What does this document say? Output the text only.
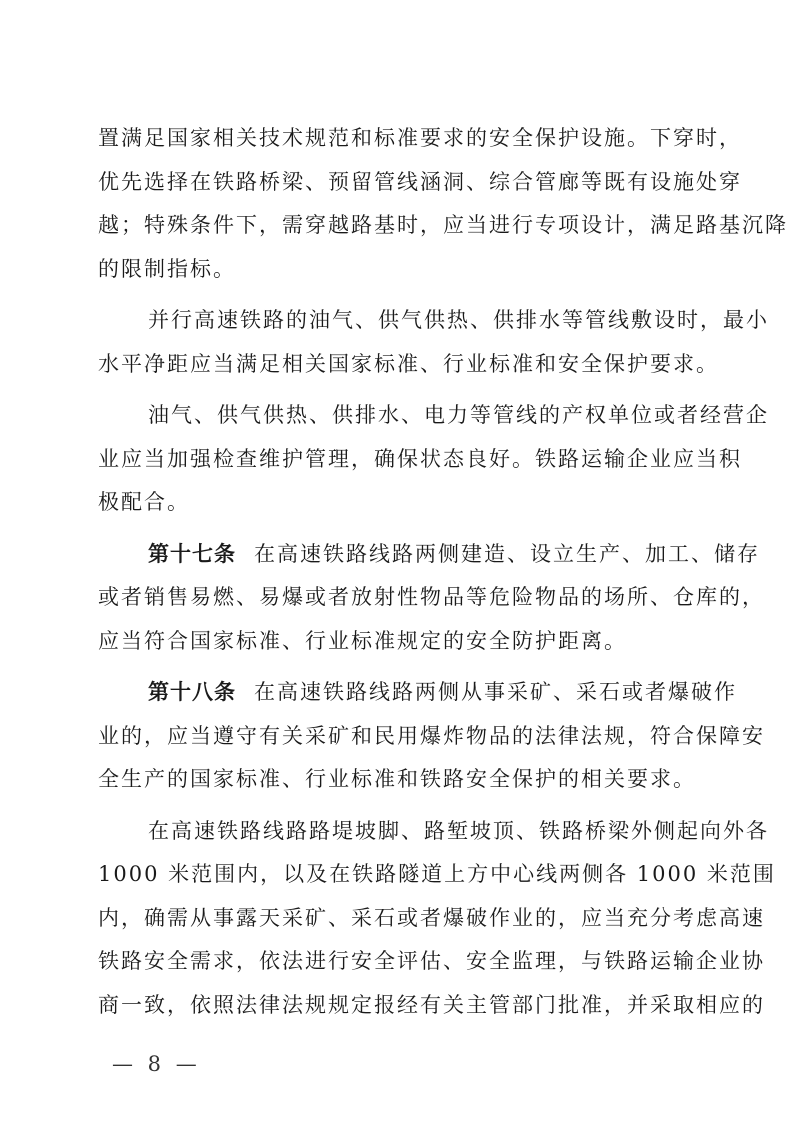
置满足国家相关技术规范和标准要求的安全保护设施。下穿时，
优先选择在铁路桥梁、预留管线涵洞、综合管廊等既有设施处穿
越；特殊条件下，需穿越路基时，应当进行专项设计，满足路基沉降
的限制指标。
并行高速铁路的油气、供气供热、供排水等管线敷设时，最小
水平净距应当满足相关国家标准、行业标准和安全保护要求。
油气、供气供热、供排水、电力等管线的产权单位或者经营企
业应当加强检查维护管理，确保状态良好。铁路运输企业应当积
极配合。
第十七条 在高速铁路线路两侧建造、设立生产、加工、储存
或者销售易燃、易爆或者放射性物品等危险物品的场所、仓库的，
应当符合国家标准、行业标准规定的安全防护距离。
第十八条 在高速铁路线路两侧从事采矿、采石或者爆破作
业的，应当遵守有关采矿和民用爆炸物品的法律法规，符合保障安
全生产的国家标准、行业标准和铁路安全保护的相关要求。
在高速铁路线路路堤坡脚、路堑坡顶、铁路桥梁外侧起向外各
1000 米范围内，以及在铁路隧道上方中心线两侧各 1000 米范围
内，确需从事露天采矿、采石或者爆破作业的，应当充分考虑高速
铁路安全需求，依法进行安全评估、安全监理，与铁路运输企业协
商一致，依照法律法规规定报经有关主管部门批准，并采取相应的
— 8 —
